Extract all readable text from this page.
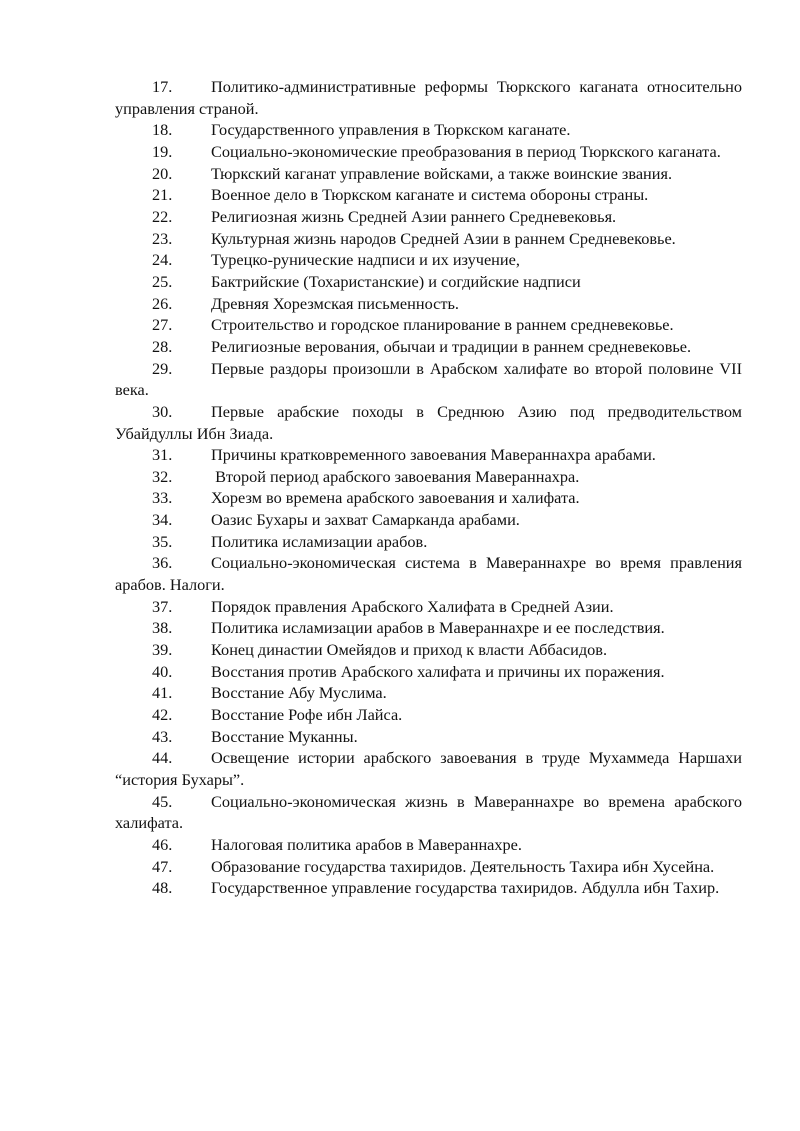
17. Политико-административные реформы Тюркского каганата относительно управления страной.
18. Государственного управления в Тюркском каганате.
19. Социально-экономические преобразования в период Тюркского каганата.
20. Тюркский каганат управление войсками, а также воинские звания.
21. Военное дело в Тюркском каганате и система обороны страны.
22. Религиозная жизнь Средней Азии раннего Средневековья.
23. Культурная жизнь народов Средней Азии в раннем Средневековье.
24. Турецко-рунические надписи и их изучение,
25. Бактрийские (Тохаристанские) и согдийские надписи
26. Древняя Хорезмская письменность.
27. Строительство и городское планирование в раннем средневековье.
28. Религиозные верования, обычаи и традиции в раннем средневековье.
29. Первые раздоры произошли в Арабском халифате во второй половине VII века.
30. Первые арабские походы в Среднюю Азию под предводительством Убайдуллы Ибн Зиада.
31. Причины кратковременного завоевания Мавераннахра арабами.
32. Второй период арабского завоевания Мавераннахра.
33. Хорезм во времена арабского завоевания и халифата.
34. Оазис Бухары и захват Самарканда арабами.
35. Политика исламизации арабов.
36. Социально-экономическая система в Мавераннахре во время правления арабов. Налоги.
37. Порядок правления Арабского Халифата в Средней Азии.
38. Политика исламизации арабов в Мавераннахре и ее последствия.
39. Конец династии Омейядов и приход к власти Аббасидов.
40. Восстания против Арабского халифата и причины их поражения.
41. Восстание Абу Муслима.
42. Восстание Рофе ибн Лайса.
43. Восстание Муканны.
44. Освещение истории арабского завоевания в труде Мухаммеда Наршахи “история Бухары”.
45. Социально-экономическая жизнь в Мавераннахре во времена арабского халифата.
46. Налоговая политика арабов в Мавераннахре.
47. Образование государства тахиридов. Деятельность Тахира ибн Хусейна.
48. Государственное управление государства тахиридов. Абдулла ибн Тахир.
